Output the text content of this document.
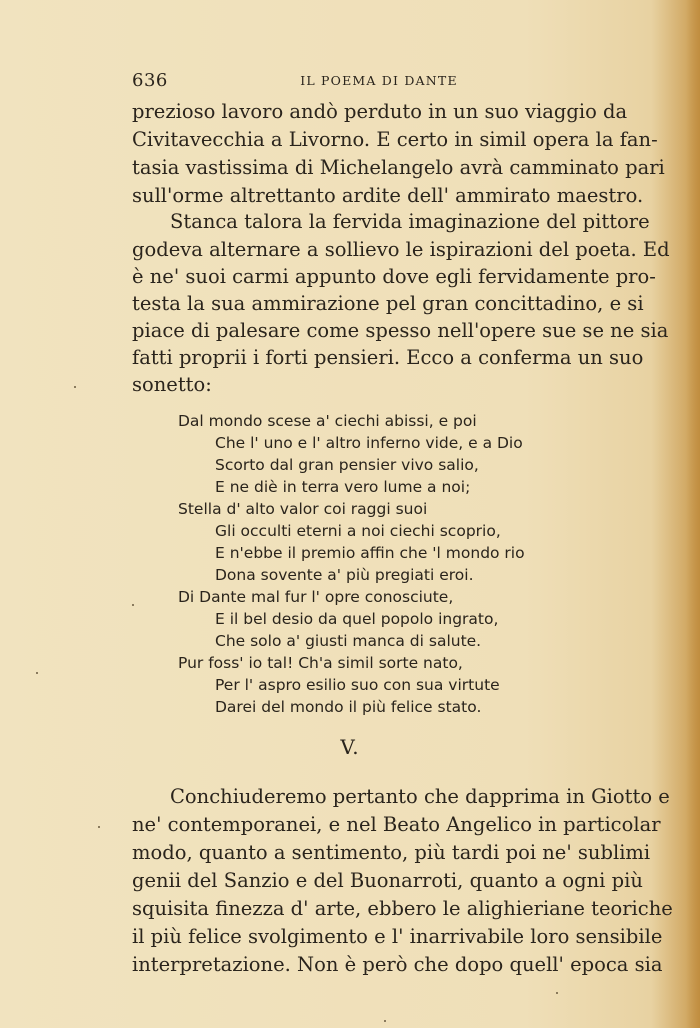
636	IL POEMA DI DANTE
prezioso lavoro andò perduto in un suo viaggio da
Civitavecchia a Livorno. E certo in simil opera la fan-
tasia vastissima di Michelangelo avrà camminato pari
sull'orme altrettanto ardite dell' ammirato maestro.
Stanca talora la fervida imaginazione del pittore
godeva alternare a sollievo le ispirazioni del poeta. Ed
è ne' suoi carmi appunto dove egli fervidamente pro-
testa la sua ammirazione pel gran concittadino, e si
piace di palesare come spesso nell'opere sue se ne sia
fatti proprii i forti pensieri. Ecco a conferma un suo
sonetto:
Dal mondo scese a' ciechi abissi, e poi
Che l' uno e l' altro inferno vide, e a Dio
Scorto dal gran pensier vivo salio,
E ne diè in terra vero lume a noi;
Stella d' alto valor coi raggi suoi
Gli occulti eterni a noi ciechi scoprio,
E n'ebbe il premio affin che 'l mondo rio
Dona sovente a' più pregiati eroi.
Di Dante mal fur l' opre conosciute,
E il bel desio da quel popolo ingrato,
Che solo a' giusti manca di salute.
Pur foss' io tal! Ch'a simil sorte nato,
Per l' aspro esilio suo con sua virtute
Darei del mondo il più felice stato.
V.
Conchiuderemo pertanto che dapprima in Giotto e
ne' contemporanei, e nel Beato Angelico in particolar
modo, quanto a sentimento, più tardi poi ne' sublimi
genii del Sanzio e del Buonarroti, quanto a ogni più
squisita finezza d' arte, ebbero le alighieriane teoriche
il più felice svolgimento e l' inarrivabile loro sensibile
interpretazione. Non è però che dopo quell' epoca sia
